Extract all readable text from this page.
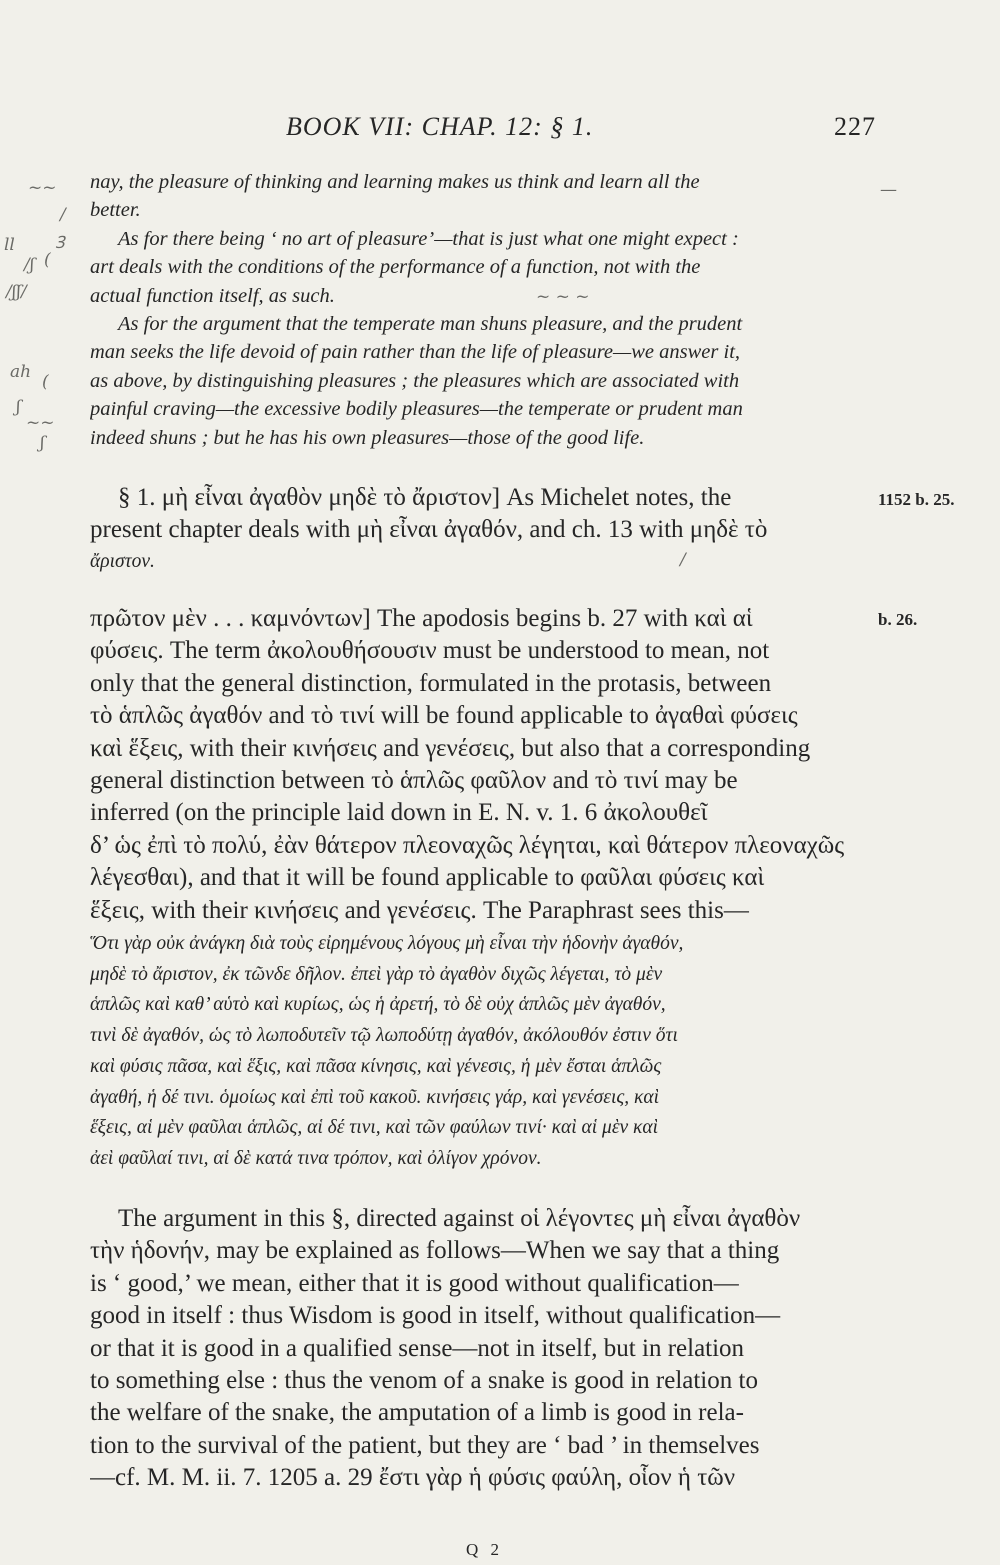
BOOK VII: CHAP. 12: § 1.	227
nay, the pleasure of thinking and learning makes us think and learn all the
better.
As for there being ‘ no art of pleasure’—that is just what one might expect :
art deals with the conditions of the performance of a function, not with the
actual function itself, as such.
As for the argument that the temperate man shuns pleasure, and the prudent
man seeks the life devoid of pain rather than the life of pleasure—we answer it,
as above, by distinguishing pleasures ; the pleasures which are associated with
painful craving—the excessive bodily pleasures—the temperate or prudent man
indeed shuns ; but he has his own pleasures—those of the good life.
§ 1. μὴ εἶναι ἀγαθὸν μηδὲ τὸ ἄριστον] As Michelet notes, the
present chapter deals with μὴ εἶναι ἀγαθόν, and ch. 13 with μηδὲ τὸ
ἄριστον.
1152 b. 25.
πρῶτον μὲν . . . καμνόντων] The apodosis begins b. 27 with καὶ αἱ
φύσεις. The term ἀκολουθήσουσιν must be understood to mean, not
only that the general distinction, formulated in the protasis, between
τὸ ἁπλῶς ἀγαθόν and τὸ τινί will be found applicable to ἀγαθαὶ φύσεις
καὶ ἕξεις, with their κινήσεις and γενέσεις, but also that a corresponding
general distinction between τὸ ἁπλῶς φαῦλον and τὸ τινί may be
inferred (on the principle laid down in E. N. v. 1. 6 ἀκολουθεῖ
δ’ ὡς ἐπὶ τὸ πολύ, ἐὰν θάτερον πλεοναχῶς λέγηται, καὶ θάτερον πλεοναχῶς
λέγεσθαι), and that it will be found applicable to φαῦλαι φύσεις καὶ
ἕξεις, with their κινήσεις and γενέσεις. The Paraphrast sees this—
b. 26.
Ὅτι γὰρ οὐκ ἀνάγκη διὰ τοὺς εἰρημένους λόγους μὴ εἶναι τὴν ἡδονὴν ἀγαθόν,
μηδὲ τὸ ἄριστον, ἐκ τῶνδε δῆλον. ἐπεὶ γὰρ τὸ ἀγαθὸν διχῶς λέγεται, τὸ μὲν
ἁπλῶς καὶ καθ’ αὑτὸ καὶ κυρίως, ὡς ἡ ἀρετή, τὸ δὲ οὐχ ἁπλῶς μὲν ἀγαθόν,
τινὶ δὲ ἀγαθόν, ὡς τὸ λωποδυτεῖν τῷ λωποδύτῃ ἀγαθόν, ἀκόλουθόν ἐστιν ὅτι
καὶ φύσις πᾶσα, καὶ ἕξις, καὶ πᾶσα κίνησις, καὶ γένεσις, ἡ μὲν ἔσται ἁπλῶς
ἀγαθή, ἡ δέ τινι. ὁμοίως καὶ ἐπὶ τοῦ κακοῦ. κινήσεις γάρ, καὶ γενέσεις, καὶ
ἕξεις, αἱ μὲν φαῦλαι ἁπλῶς, αἱ δέ τινι, καὶ τῶν φαύλων τινί· καὶ αἱ μὲν καὶ
ἀεὶ φαῦλαί τινι, αἱ δὲ κατά τινα τρόπον, καὶ ὀλίγον χρόνον.
The argument in this §, directed against οἱ λέγοντες μὴ εἶναι ἀγαθὸν
τὴν ἡδονήν, may be explained as follows—When we say that a thing
is ‘ good,’ we mean, either that it is good without qualification—
good in itself : thus Wisdom is good in itself, without qualification—
or that it is good in a qualified sense—not in itself, but in relation
to something else : thus the venom of a snake is good in relation to
the welfare of the snake, the amputation of a limb is good in rela-
tion to the survival of the patient, but they are ‘ bad ’ in themselves
—cf. M. M. ii. 7. 1205 a. 29 ἔστι γὰρ ἡ φύσις φαύλη, οἷον ἡ τῶν
~~
ll
/ʃ
/ʃʃ/	~ ~ ~
ah
ʃ
~~
ʃ
Ꝫ
(
/
(
/
—
Q 2
